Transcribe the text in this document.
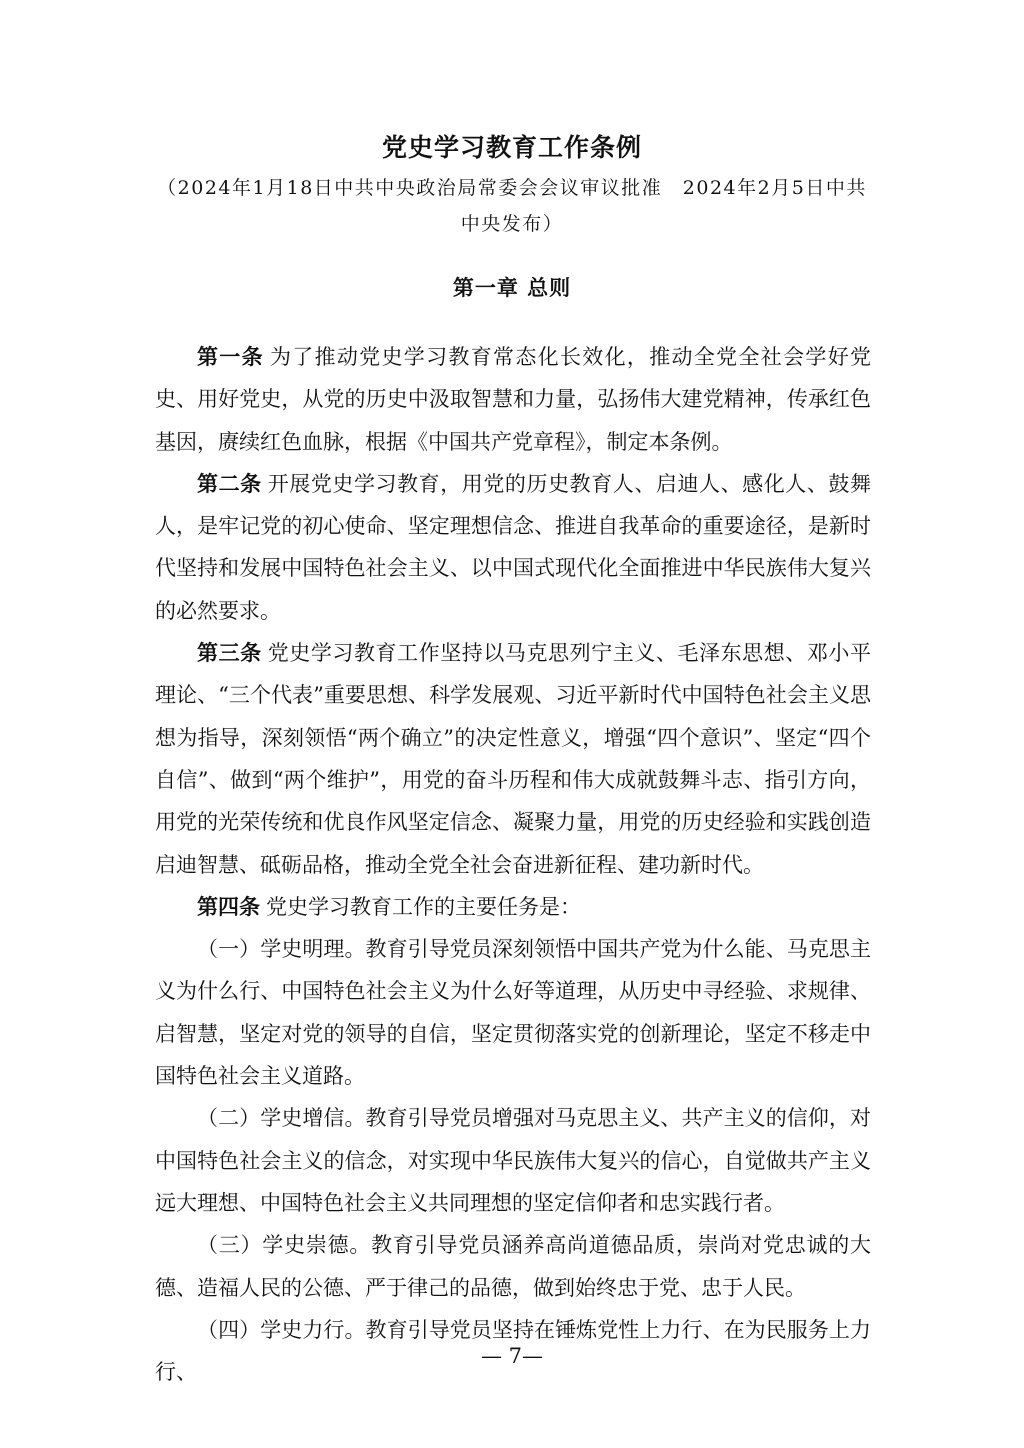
党史学习教育工作条例
（2024年1月18日中共中央政治局常委会会议审议批准　2024年2月5日中共中央发布）
第一章 总则

第一条 为了推动党史学习教育常态化长效化，推动全党全社会学好党史、用好党史，从党的历史中汲取智慧和力量，弘扬伟大建党精神，传承红色基因，赓续红色血脉，根据《中国共产党章程》，制定本条例。

第二条 开展党史学习教育，用党的历史教育人、启迪人、感化人、鼓舞人，是牢记党的初心使命、坚定理想信念、推进自我革命的重要途径，是新时代坚持和发展中国特色社会主义、以中国式现代化全面推进中华民族伟大复兴的必然要求。

第三条 党史学习教育工作坚持以马克思列宁主义、毛泽东思想、邓小平理论、“三个代表”重要思想、科学发展观、习近平新时代中国特色社会主义思想为指导，深刻领悟“两个确立”的决定性意义，增强“四个意识”、坚定“四个自信”、做到“两个维护”，用党的奋斗历程和伟大成就鼓舞斗志、指引方向，用党的光荣传统和优良作风坚定信念、凝聚力量，用党的历史经验和实践创造启迪智慧、砥砺品格，推动全党全社会奋进新征程、建功新时代。

第四条 党史学习教育工作的主要任务是：

（一）学史明理。教育引导党员深刻领悟中国共产党为什么能、马克思主义为什么行、中国特色社会主义为什么好等道理，从历史中寻经验、求规律、启智慧，坚定对党的领导的自信，坚定贯彻落实党的创新理论，坚定不移走中国特色社会主义道路。

（二）学史增信。教育引导党员增强对马克思主义、共产主义的信仰，对中国特色社会主义的信念，对实现中华民族伟大复兴的信心，自觉做共产主义远大理想、中国特色社会主义共同理想的坚定信仰者和忠实践行者。

（三）学史崇德。教育引导党员涵养高尚道德品质，崇尚对党忠诚的大德、造福人民的公德、严于律己的品德，做到始终忠于党、忠于人民。

（四）学史力行。教育引导党员坚持在锤炼党性上力行、在为民服务上力行、

— 7—
